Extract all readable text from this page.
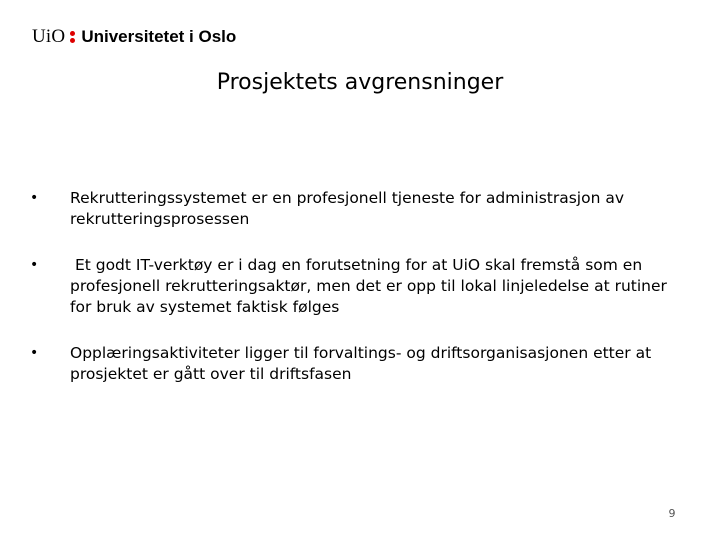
UiO Universitetet i Oslo
Prosjektets avgrensninger
•	Rekrutteringssystemet er en profesjonell tjeneste for administrasjon av rekrutteringsprosessen
•	Et godt IT-verktøy er i dag en forutsetning for at UiO skal fremstå som en profesjonell rekrutteringsaktør, men det er opp til lokal linjeledelse at rutiner for bruk av systemet faktisk følges
•	Opplæringsaktiviteter ligger til forvaltings- og driftsorganisasjonen etter at prosjektet er gått over til driftsfasen
9
